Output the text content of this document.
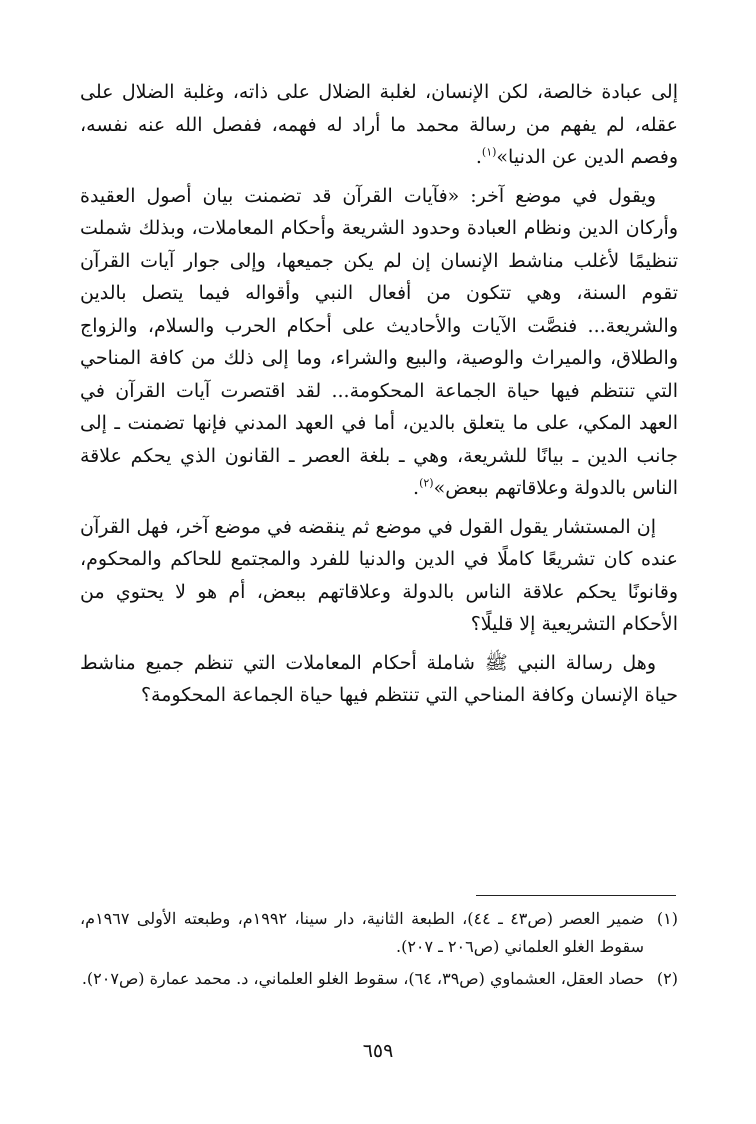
إلى عبادة خالصة، لكن الإنسان، لغلبة الضلال على ذاته، وغلبة الضلال على عقله، لم يفهم من رسالة محمد ما أراد له فهمه، ففصل الله عنه نفسه، وفصم الدين عن الدنيا»$^{(١)}$.

ويقول في موضع آخر: «فآيات القرآن قد تضمنت بيان أصول العقيدة وأركان الدين ونظام العبادة وحدود الشريعة وأحكام المعاملات، وبذلك شملت تنظيمًا لأغلب مناشط الإنسان إن لم يكن جميعها، وإلى جوار آيات القرآن تقوم السنة، وهي تتكون من أفعال النبي وأقواله فيما يتصل بالدين والشريعة... فنصَّت الآيات والأحاديث على أحكام الحرب والسلام، والزواج والطلاق، والميراث والوصية، والبيع والشراء، وما إلى ذلك من كافة المناحي التي تنتظم فيها حياة الجماعة المحكومة... لقد اقتصرت آيات القرآن في العهد المكي، على ما يتعلق بالدين، أما في العهد المدني فإنها تضمنت ـ إلى جانب الدين ـ بيانًا للشريعة، وهي ـ بلغة العصر ـ القانون الذي يحكم علاقة الناس بالدولة وعلاقاتهم ببعض»$^{(٢)}$.

إن المستشار يقول القول في موضع ثم ينقضه في موضع آخر، فهل القرآن عنده كان تشريعًا كاملًا في الدين والدنيا للفرد والمجتمع للحاكم والمحكوم، وقانونًا يحكم علاقة الناس بالدولة وعلاقاتهم ببعض، أم هو لا يحتوي من الأحكام التشريعية إلا قليلًا؟

وهل رسالة النبي ﷺ شاملة أحكام المعاملات التي تنظم جميع مناشط حياة الإنسان وكافة المناحي التي تنتظم فيها حياة الجماعة المحكومة؟

(١)
ضمير العصر (ص٤٣ ـ ٤٤)، الطبعة الثانية، دار سينا، ١٩٩٢م، وطبعته الأولى ١٩٦٧م، سقوط الغلو العلماني (ص٢٠٦ ـ ٢٠٧).
(٢)
حصاد العقل، العشماوي (ص٣٩، ٦٤)، سقوط الغلو العلماني، د. محمد عمارة (ص٢٠٧).
٦٥٩
